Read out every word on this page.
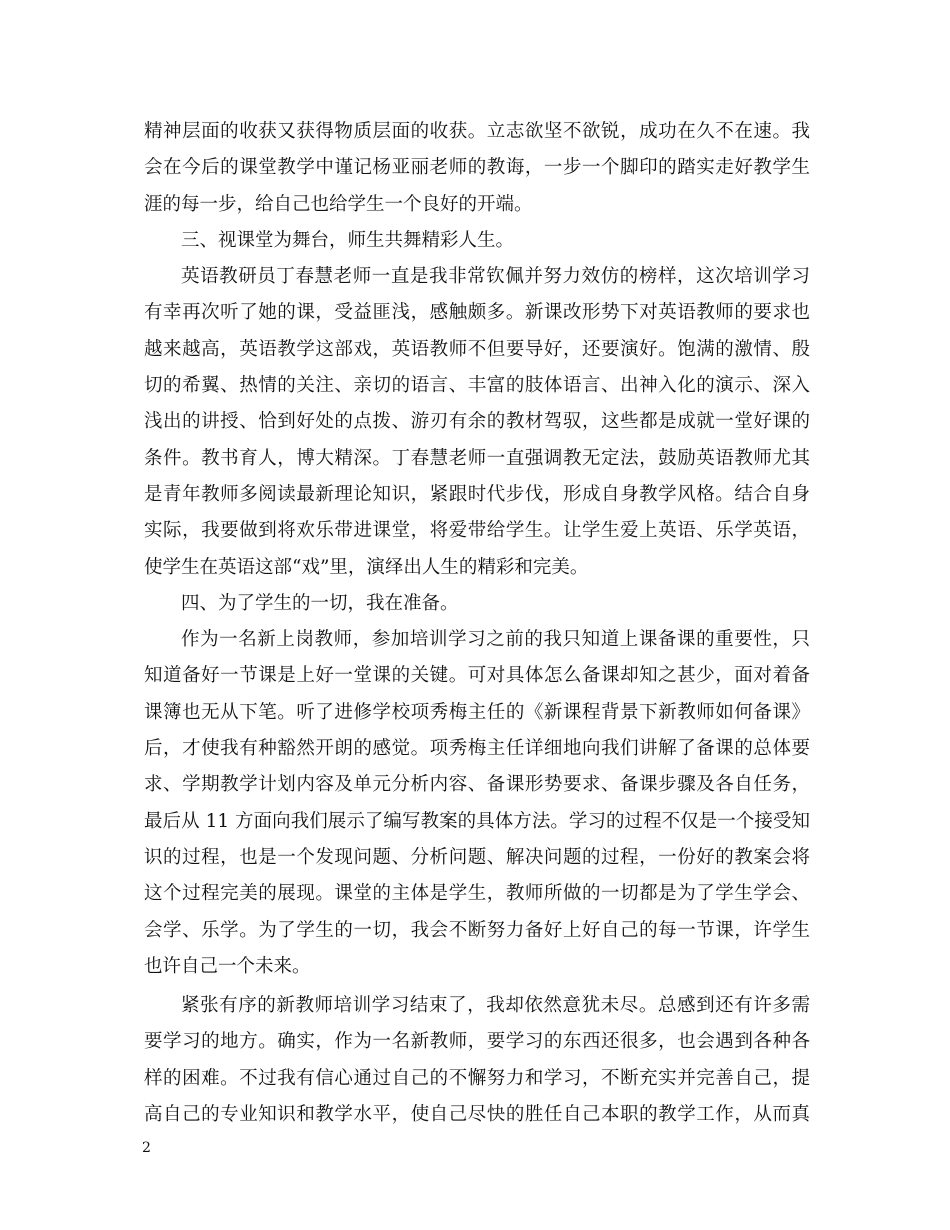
精神层面的收获又获得物质层面的收获。立志欲坚不欲锐，成功在久不在速。我
会在今后的课堂教学中谨记杨亚丽老师的教诲，一步一个脚印的踏实走好教学生
涯的每一步，给自己也给学生一个良好的开端。
三、视课堂为舞台，师生共舞精彩人生。
英语教研员丁春慧老师一直是我非常钦佩并努力效仿的榜样，这次培训学习
有幸再次听了她的课，受益匪浅，感触颇多。新课改形势下对英语教师的要求也
越来越高，英语教学这部戏，英语教师不但要导好，还要演好。饱满的激情、殷
切的希翼、热情的关注、亲切的语言、丰富的肢体语言、出神入化的演示、深入
浅出的讲授、恰到好处的点拨、游刃有余的教材驾驭，这些都是成就一堂好课的
条件。教书育人，博大精深。丁春慧老师一直强调教无定法，鼓励英语教师尤其
是青年教师多阅读最新理论知识，紧跟时代步伐，形成自身教学风格。结合自身
实际，我要做到将欢乐带进课堂，将爱带给学生。让学生爱上英语、乐学英语，
使学生在英语这部“戏”里，演绎出人生的精彩和完美。
四、为了学生的一切，我在准备。
作为一名新上岗教师，参加培训学习之前的我只知道上课备课的重要性，只
知道备好一节课是上好一堂课的关键。可对具体怎么备课却知之甚少，面对着备
课簿也无从下笔。听了进修学校项秀梅主任的《新课程背景下新教师如何备课》
后，才使我有种豁然开朗的感觉。项秀梅主任详细地向我们讲解了备课的总体要
求、学期教学计划内容及单元分析内容、备课形势要求、备课步骤及各自任务，
最后从 11 方面向我们展示了编写教案的具体方法。学习的过程不仅是一个接受知
识的过程，也是一个发现问题、分析问题、解决问题的过程，一份好的教案会将
这个过程完美的展现。课堂的主体是学生，教师所做的一切都是为了学生学会、
会学、乐学。为了学生的一切，我会不断努力备好上好自己的每一节课，许学生
也许自己一个未来。
紧张有序的新教师培训学习结束了，我却依然意犹未尽。总感到还有许多需
要学习的地方。确实，作为一名新教师，要学习的东西还很多，也会遇到各种各
样的困难。不过我有信心通过自己的不懈努力和学习，不断充实并完善自己，提
高自己的专业知识和教学水平，使自己尽快的胜任自己本职的教学工作，从而真
2
